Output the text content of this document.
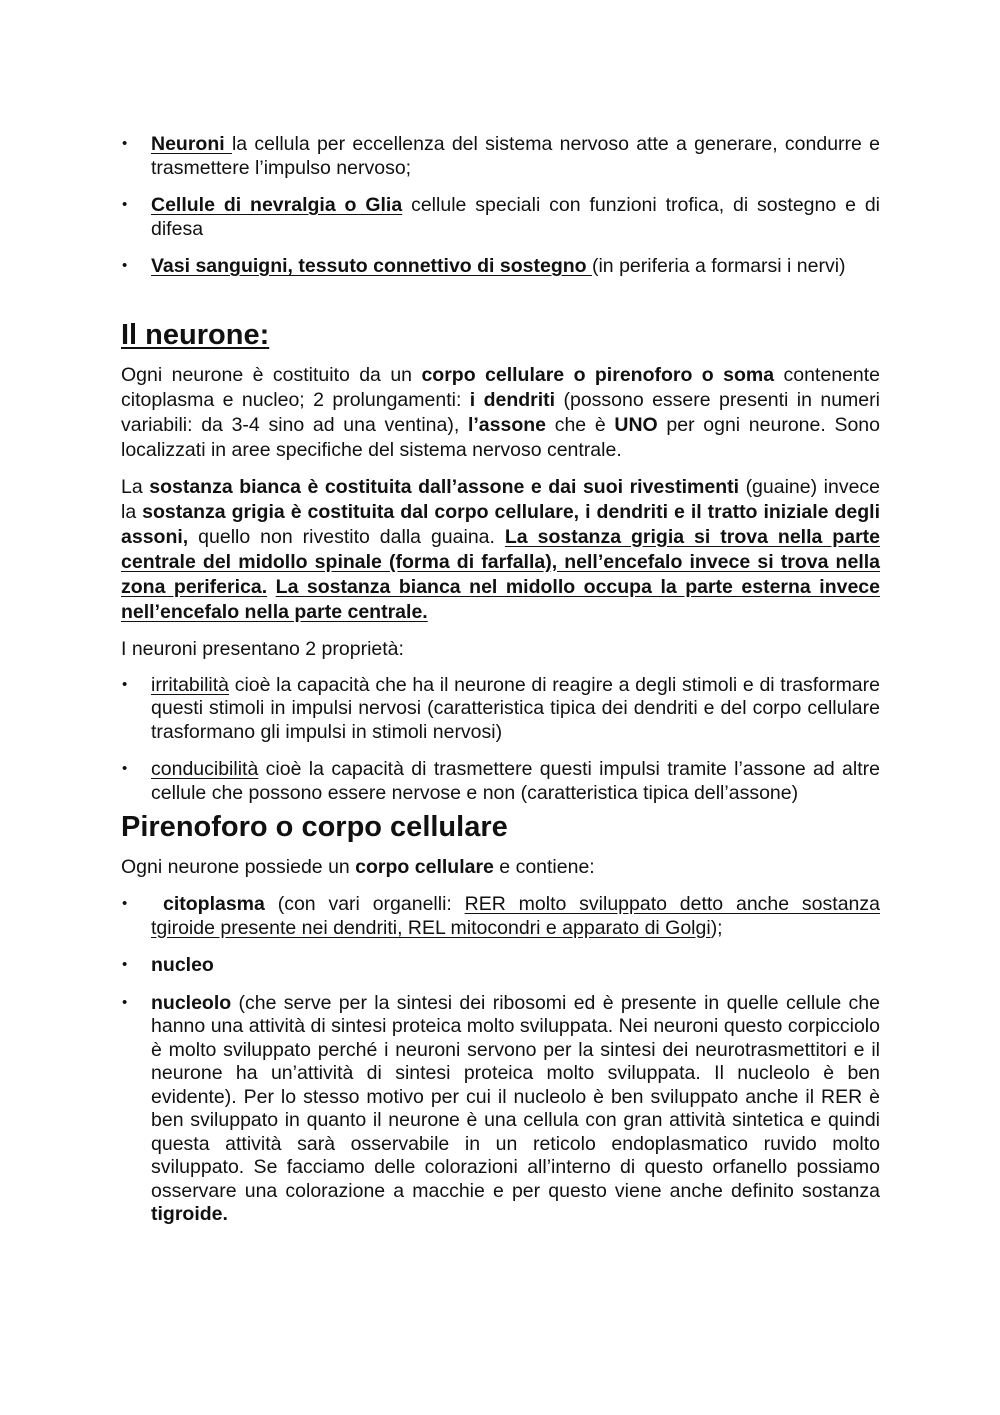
• Neuroni la cellula per eccellenza del sistema nervoso atte a generare, condurre e trasmettere l’impulso nervoso;
• Cellule di nevralgia o Glia cellule speciali con funzioni trofica, di sostegno e di difesa
• Vasi sanguigni, tessuto connettivo di sostegno (in periferia a formarsi i nervi)
Il neurone:

Ogni neurone è costituito da un corpo cellulare o pirenoforo o soma contenente citoplasma e nucleo; 2 prolungamenti: i dendriti (possono essere presenti in numeri variabili: da 3-4 sino ad una ventina), l’assone che è UNO per ogni neurone. Sono localizzati in aree specifiche del sistema nervoso centrale.

La sostanza bianca è costituita dall’assone e dai suoi rivestimenti (guaine) invece la sostanza grigia è costituita dal corpo cellulare, i dendriti e il tratto iniziale degli assoni, quello non rivestito dalla guaina. La sostanza grigia si trova nella parte centrale del midollo spinale (forma di farfalla), nell’encefalo invece si trova nella zona periferica. La sostanza bianca nel midollo occupa la parte esterna invece nell’encefalo nella parte centrale.

I neuroni presentano 2 proprietà:

• irritabilità cioè la capacità che ha il neurone di reagire a degli stimoli e di trasformare questi stimoli in impulsi nervosi (caratteristica tipica dei dendriti e del corpo cellulare trasformano gli impulsi in stimoli nervosi)
• conducibilità cioè la capacità di trasmettere questi impulsi tramite l’assone ad altre cellule che possono essere nervose e non (caratteristica tipica dell’assone)
Pirenoforo o corpo cellulare

Ogni neurone possiede un corpo cellulare e contiene:

• citoplasma (con vari organelli: RER molto sviluppato detto anche sostanza tgiroide presente nei dendriti, REL mitocondri e apparato di Golgi);
• nucleo
• nucleolo (che serve per la sintesi dei ribosomi ed è presente in quelle cellule che hanno una attività di sintesi proteica molto sviluppata. Nei neuroni questo corpicciolo è molto sviluppato perché i neuroni servono per la sintesi dei neurotrasmettitori e il neurone ha un’attività di sintesi proteica molto sviluppata. Il nucleolo è ben evidente). Per lo stesso motivo per cui il nucleolo è ben sviluppato anche il RER è ben sviluppato in quanto il neurone è una cellula con gran attività sintetica e quindi questa attività sarà osservabile in un reticolo endoplasmatico ruvido molto sviluppato. Se facciamo delle colorazioni all’interno di questo orfanello possiamo osservare una colorazione a macchie e per questo viene anche definito sostanza tigroide.
